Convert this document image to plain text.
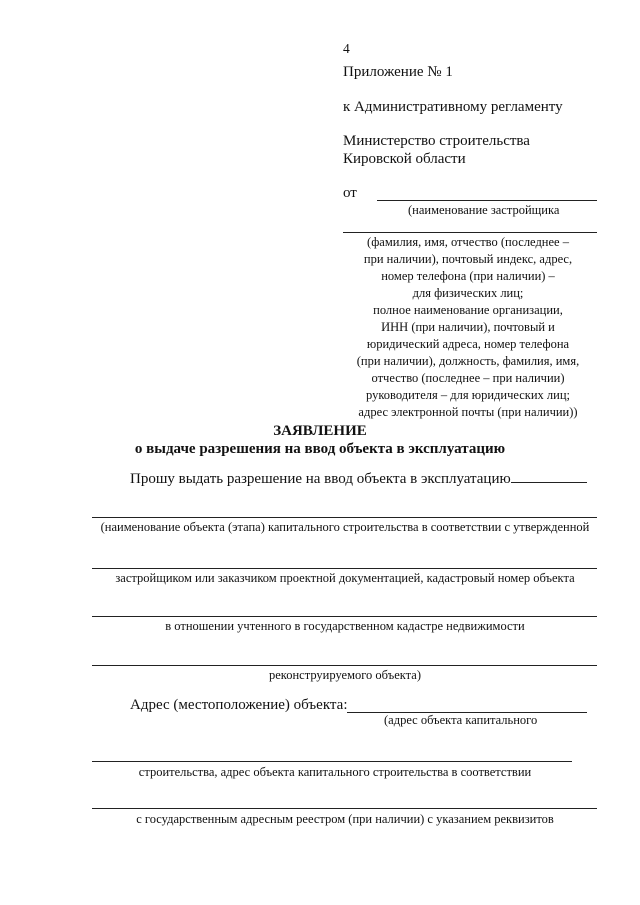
4
Приложение № 1
к Административному регламенту
Министерство строительства
Кировской области
от
(наименование застройщика
(фамилия, имя, отчество (последнее –
при наличии), почтовый индекс, адрес,
номер телефона (при наличии) –
для физических лиц;
полное наименование организации,
ИНН (при наличии), почтовый и
юридический адреса, номер телефона
(при наличии), должность, фамилия, имя,
отчество (последнее – при наличии)
руководителя – для юридических лиц;
адрес электронной почты (при наличии))
ЗАЯВЛЕНИЕ
о выдаче разрешения на ввод объекта в эксплуатацию
Прошу выдать разрешение на ввод объекта в эксплуатацию
(наименование объекта (этапа) капитального строительства в соответствии с утвержденной
застройщиком или заказчиком проектной документацией, кадастровый номер объекта
в отношении учтенного в государственном кадастре недвижимости
реконструируемого объекта)
Адрес (местоположение) объекта:
(адрес объекта капитального
строительства, адрес объекта капитального строительства в соответствии
с государственным адресным реестром (при наличии) с указанием реквизитов
